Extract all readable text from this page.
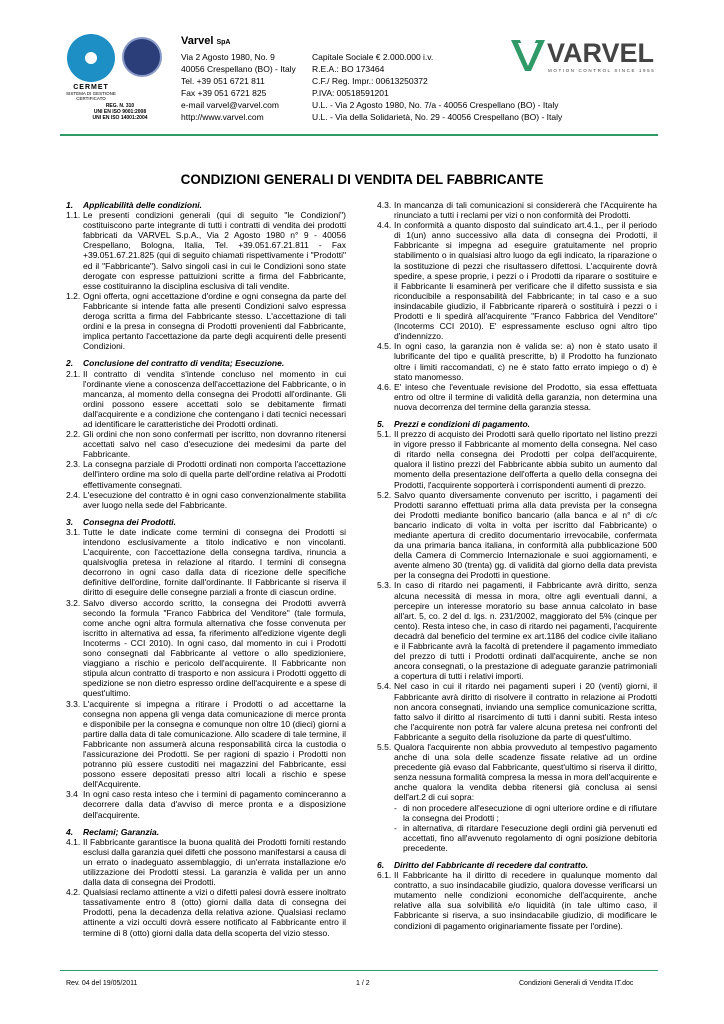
CERMET
SISTEMA DI GESTIONE CERTIFICATO
REG. N. 310
UNI EN ISO 9001:2008
UNI EN ISO 14001:2004
Varvel SpA
Via 2 Agosto 1980, No. 9
40056 Crespellano (BO) - Italy
Tel. +39 051 6721 811
Fax +39 051 6721 825
e-mail varvel@varvel.com
http://www.varvel.com
Capitale Sociale € 2.000.000 i.v.
R.E.A.: BO 173464
C.F./ Reg. Impr.: 00613250372
P.IVA: 00518591201
U.L. - Via 2 Agosto 1980, No. 7/a - 40056 Crespellano (BO) - Italy
U.L. - Via della Solidarietà, No. 29 - 40056 Crespellano (BO) - Italy
VARVEL
MOTION CONTROL SINCE 1955
CONDIZIONI GENERALI DI VENDITA DEL FABBRICANTE
1.	Applicabilità delle condizioni.
1.1. Le presenti condizioni generali (qui di seguito "le Condizioni") costituiscono parte integrante di tutti i contratti di vendita dei prodotti fabbricati da VARVEL S.p.A., Via 2 Agosto 1980 n° 9 - 40056 Crespellano, Bologna, Italia, Tel. +39.051.67.21.811 - Fax +39.051.67.21.825 (qui di seguito chiamati rispettivamente i "Prodotti" ed il "Fabbricante"). Salvo singoli casi in cui le Condizioni sono state derogate con espresse pattuizioni scritte a firma del Fabbricante, esse costituiranno la disciplina esclusiva di tali vendite.
1.2. Ogni offerta, ogni accettazione d'ordine e ogni consegna da parte del Fabbricante si intende fatta alle presenti Condizioni salvo espressa deroga scritta a firma del Fabbricante stesso. L'accettazione di tali ordini e la presa in consegna di Prodotti provenienti dal Fabbricante, implica pertanto l'accettazione da parte degli acquirenti delle presenti Condizioni.
2.	Conclusione del contratto di vendita; Esecuzione.
2.1. Il contratto di vendita s'intende concluso nel momento in cui l'ordinante viene a conoscenza dell'accettazione del Fabbricante, o in mancanza, al momento della consegna dei Prodotti all'ordinante. Gli ordini possono essere accettati solo se debitamente firmati dall'acquirente e a condizione che contengano i dati tecnici necessari ad identificare le caratteristiche dei Prodotti ordinati.
2.2. Gli ordini che non sono confermati per iscritto, non dovranno ritenersi accettati salvo nel caso d'esecuzione dei medesimi da parte del Fabbricante.
2.3. La consegna parziale di Prodotti ordinati non comporta l'accettazione dell'intero ordine ma solo di quella parte dell'ordine relativa ai Prodotti effettivamente consegnati.
2.4. L'esecuzione del contratto è in ogni caso convenzionalmente stabilita aver luogo nella sede del Fabbricante.
3.	Consegna dei Prodotti.
3.1. Tutte le date indicate come termini di consegna dei Prodotti si intendono esclusivamente a titolo indicativo e non vincolanti. L'acquirente, con l'accettazione della consegna tardiva, rinuncia a qualsivoglia pretesa in relazione al ritardo. I termini di consegna decorrono in ogni caso dalla data di ricezione delle specifiche definitive dell'ordine, fornite dall'ordinante. Il Fabbricante si riserva il diritto di eseguire delle consegne parziali a fronte di ciascun ordine.
3.2. Salvo diverso accordo scritto, la consegna dei Prodotti avverrà secondo la formula "Franco Fabbrica del Venditore" (tale formula, come anche ogni altra formula alternativa che fosse convenuta per iscritto in alternativa ad essa, fa riferimento all'edizione vigente degli Incoterms - CCI 2010). In ogni caso, dal momento in cui i Prodotti sono consegnati dal Fabbricante al vettore o allo spedizioniere, viaggiano a rischio e pericolo dell'acquirente. Il Fabbricante non stipula alcun contratto di trasporto e non assicura i Prodotti oggetto di spedizione se non dietro espresso ordine dell'acquirente e a spese di quest'ultimo.
3.3. L'acquirente si impegna a ritirare i Prodotti o ad accettarne la consegna non appena gli venga data comunicazione di merce pronta e disponibile per la consegna e comunque non oltre 10 (dieci) giorni a partire dalla data di tale comunicazione. Allo scadere di tale termine, il Fabbricante non assumerà alcuna responsabilità circa la custodia o l'assicurazione dei Prodotti. Se per ragioni di spazio i Prodotti non potranno più essere custoditi nei magazzini del Fabbricante, essi possono essere depositati presso altri locali a rischio e spese dell'Acquirente.
3.4 In ogni caso resta inteso che i termini di pagamento cominceranno a decorrere dalla data d'avviso di merce pronta e a disposizione dell'acquirente.
4.	Reclami; Garanzia.
4.1. Il Fabbricante garantisce la buona qualità dei Prodotti forniti restando esclusi dalla garanzia quei difetti che possono manifestarsi a causa di un errato o inadeguato assemblaggio, di un'errata installazione e/o utilizzazione dei Prodotti stessi. La garanzia è valida per un anno dalla data di consegna dei Prodotti.
4.2. Qualsiasi reclamo attinente a vizi o difetti palesi dovrà essere inoltrato tassativamente entro 8 (otto) giorni dalla data di consegna dei Prodotti, pena la decadenza della relativa azione. Qualsiasi reclamo attinente a vizi occulti dovrà essere notificato al Fabbricante entro il termine di 8 (otto) giorni dalla data della scoperta del vizio stesso.
4.3. In mancanza di tali comunicazioni si considererà che l'Acquirente ha rinunciato a tutti i reclami per vizi o non conformità dei Prodotti.
4.4. In conformità a quanto disposto dal suindicato art.4.1., per il periodo di 1(un) anno successivo alla data di consegna dei Prodotti, il Fabbricante si impegna ad eseguire gratuitamente nel proprio stabilimento o in qualsiasi altro luogo da egli indicato, la riparazione o la sostituzione di pezzi che risultassero difettosi. L'acquirente dovrà spedire, a spese proprie, i pezzi o i Prodotti da riparare o sostituire e il Fabbricante li esaminerà per verificare che il difetto sussista e sia riconducibile a responsabilità del Fabbricante; in tal caso e a suo insindacabile giudizio, il Fabbricante riparerà o sostituirà i pezzi o i Prodotti e li spedirà all'acquirente "Franco Fabbrica del Venditore" (Incoterms CCI 2010). E' espressamente escluso ogni altro tipo d'indennizzo.
4.5. In ogni caso, la garanzia non è valida se: a) non è stato usato il lubrificante del tipo e qualità prescritte, b) il Prodotto ha funzionato oltre i limiti raccomandati, c) ne è stato fatto errato impiego o d) è stato manomesso.
4.6. E' inteso che l'eventuale revisione del Prodotto, sia essa effettuata entro od oltre il termine di validità della garanzia, non determina una nuova decorrenza del termine della garanzia stessa.
5.	Prezzi e condizioni di pagamento.
5.1. Il prezzo di acquisto dei Prodotti sarà quello riportato nel listino prezzi in vigore presso il Fabbricante al momento della consegna. Nel caso di ritardo nella consegna dei Prodotti per colpa dell'acquirente, qualora il listino prezzi del Fabbricante abbia subito un aumento dal momento della presentazione dell'offerta a quello della consegna dei Prodotti, l'acquirente sopporterà i corrispondenti aumenti di prezzo.
5.2. Salvo quanto diversamente convenuto per iscritto, i pagamenti dei Prodotti saranno effettuati prima alla data prevista per la consegna dei Prodotti mediante bonifico bancario (alla banca e al n° di c/c bancario indicato di volta in volta per iscritto dal Fabbricante) o mediante apertura di credito documentario irrevocabile, confermata da una primaria banca italiana, in conformità alla pubblicazione 500 della Camera di Commercio Internazionale e suoi aggiornamenti, e avente almeno 30 (trenta) gg. di validità dal giorno della data prevista per la consegna dei Prodotti in questione.
5.3. In caso di ritardo nei pagamenti, il Fabbricante avrà diritto, senza alcuna necessità di messa in mora, oltre agli eventuali danni, a percepire un interesse moratorio su base annua calcolato in base all'art. 5, co. 2 del d. lgs. n. 231/2002, maggiorato del 5% (cinque per cento). Resta inteso che, in caso di ritardo nei pagamenti, l'acquirente decadrà dal beneficio del termine ex art.1186 del codice civile italiano e il Fabbricante avrà la facoltà di pretendere il pagamento immediato del prezzo di tutti i Prodotti ordinati dall'acquirente, anche se non ancora consegnati, o la prestazione di adeguate garanzie patrimoniali a copertura di tutti i relativi importi.
5.4. Nel caso in cui il ritardo nei pagamenti superi i 20 (venti) giorni, il Fabbricante avrà diritto di risolvere il contratto in relazione ai Prodotti non ancora consegnati, inviando una semplice comunicazione scritta, fatto salvo il diritto al risarcimento di tutti i danni subiti. Resta inteso che l'acquirente non potrà far valere alcuna pretesa nei confronti del Fabbricante a seguito della risoluzione da parte di quest'ultimo.
5.5. Qualora l'acquirente non abbia provveduto al tempestivo pagamento anche di una sola delle scadenze fissate relative ad un ordine precedente già evaso dal Fabbricante, quest'ultimo si riserva il diritto, senza nessuna formalità compresa la messa in mora dell'acquirente e anche qualora la vendita debba ritenersi già conclusa ai sensi dell'art.2 di cui sopra:
- di non procedere all'esecuzione di ogni ulteriore ordine e di rifiutare la consegna dei Prodotti ;
- in alternativa, di ritardare l'esecuzione degli ordini già pervenuti ed accettati, fino all'avvenuto regolamento di ogni posizione debitoria precedente.
6.	Diritto del Fabbricante di recedere dal contratto.
6.1. Il Fabbricante ha il diritto di recedere in qualunque momento dal contratto, a suo insindacabile giudizio, qualora dovesse verificarsi un mutamento nelle condizioni economiche dell'acquirente, anche relative alla sua solvibilità e/o liquidità (in tale ultimo caso, il Fabbricante si riserva, a suo insindacabile giudizio, di modificare le condizioni di pagamento originariamente fissate per l'ordine).
Rev. 04 del 19/05/2011	1 / 2	Condizioni Generali di Vendita IT.doc
